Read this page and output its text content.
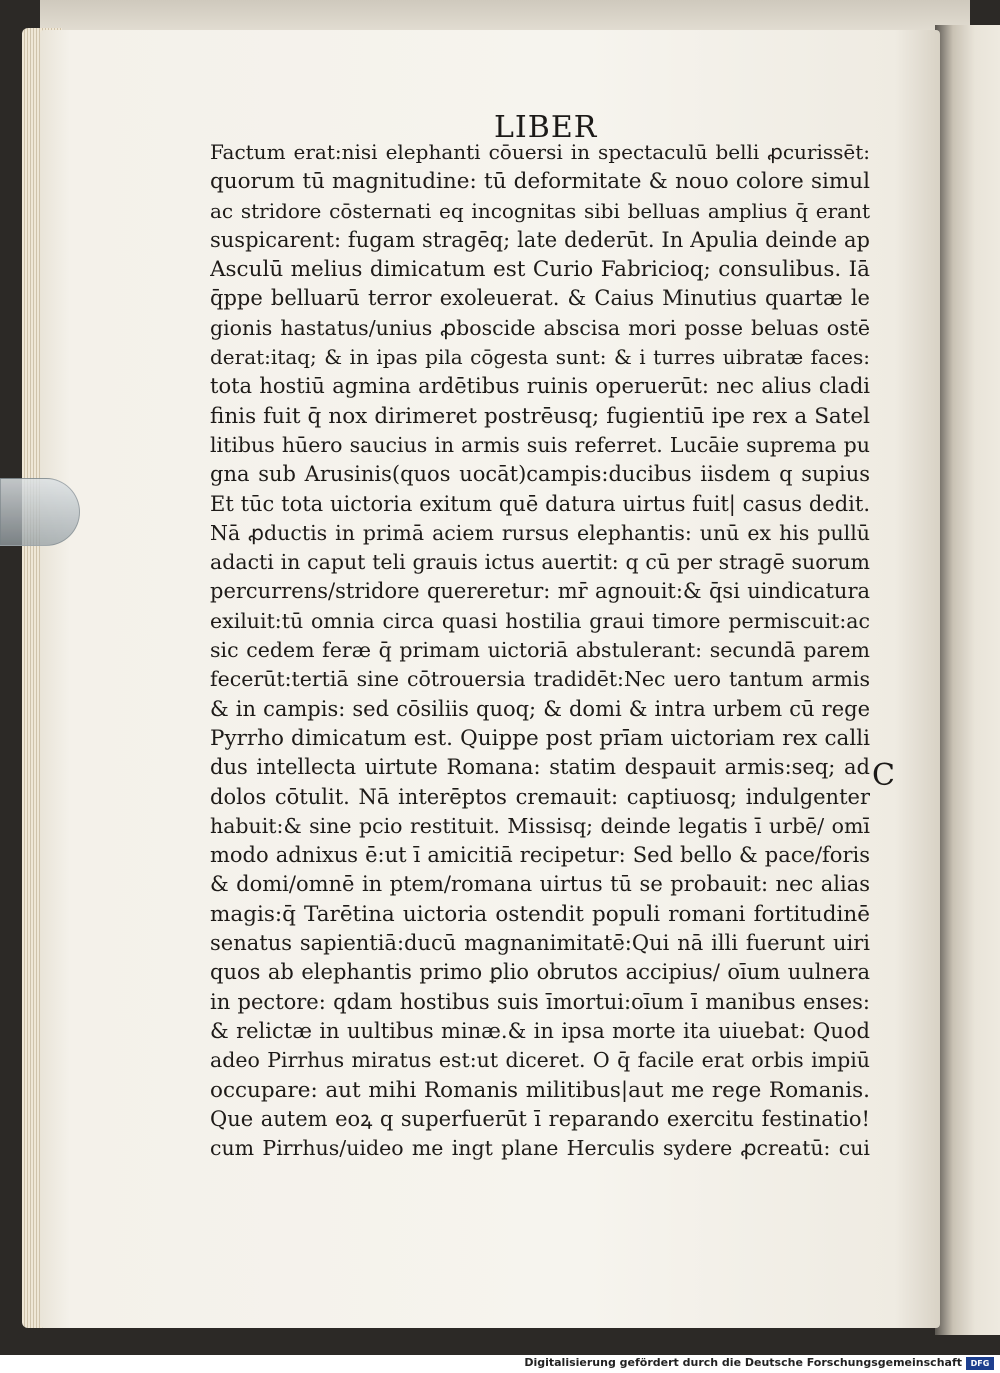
LIBER
Factum erat:nisi elephanti cōuersi in spectaculū belli ꝓcurissēt:
quorum tū magnitudine: tū deformitate & nouo colore simul
ac stridore cōsternati eq incognitas sibi belluas amplius q̄ erant
suspicarent: fugam stragēq; late dederūt. In Apulia deinde ap
Asculū melius dimicatum est Curio Fabricioq; consulibus. Iā
q̄ppe belluarū terror exoleuerat. & Caius Minutius quartæ le
gionis hastatus/unius ꝓboscide abscisa mori posse beluas ostē
derat:itaq; & in ipas pila cōgesta sunt: & i turres uibratæ faces:
tota hostiū agmina ardētibus ruinis operuerūt: nec alius cladi
finis fuit q̄ nox dirimeret postrēusq; fugientiū ipe rex a Satel
litibus hūero saucius in armis suis referret. Lucāie suprema pu
gna sub Arusinis(quos uocāt)campis:ducibus iisdem q supius
Et tūc tota uictoria exitum quē datura uirtus fuit| casus dedit.
Nā ꝓductis in primā aciem rursus elephantis: unū ex his pullū
adacti in caput teli grauis ictus auertit: q cū per stragē suorum
percurrens/stridore quereretur: mr̄ agnouit:& q̄si uindicatura
exiluit:tū omnia circa quasi hostilia graui timore permiscuit:ac
sic cedem feræ q̄ primam uictoriā abstulerant: secundā parem
fecerūt:tertiā sine cōtrouersia tradidēt:Nec uero tantum armis
& in campis: sed cōsiliis quoq; & domi & intra urbem cū rege
Pyrrho dimicatum est. Quippe post prīam uictoriam rex calli
dus intellecta uirtute Romana: statim despauit armis:seq; ad
dolos cōtulit. Nā interēptos cremauit: captiuosq; indulgenter
habuit:& sine pcio restituit. Missisq; deinde legatis ī urbē/ omī
modo adnixus ē:ut ī amicitiā recipetur: Sed bello & pace/foris
& domi/omnē in ptem/romana uirtus tū se probauit: nec alias
magis:q̄ Tarētina uictoria ostendit populi romani fortitudinē
senatus sapientiā:ducū magnanimitatē:Qui nā illi fuerunt uiri
quos ab elephantis primo ꝑlio obrutos accipius/ oīum uulnera
in pectore: qdam hostibus suis īmortui:oīum ī manibus enses:
& relictæ in uultibus minæ.& in ipsa morte ita uiuebat: Quod
adeo Pirrhus miratus est:ut diceret. O q̄ facile erat orbis impiū
occupare: aut mihi Romanis militibus|aut me rege Romanis.
Que autem eoꝝ q superfuerūt ī reparando exercitu festinatio!
cum Pirrhus/uideo me ingt plane Herculis sydere ꝓcreatū: cui
C
Digitalisierung gefördert durch die Deutsche Forschungsgemeinschaft	DFG
